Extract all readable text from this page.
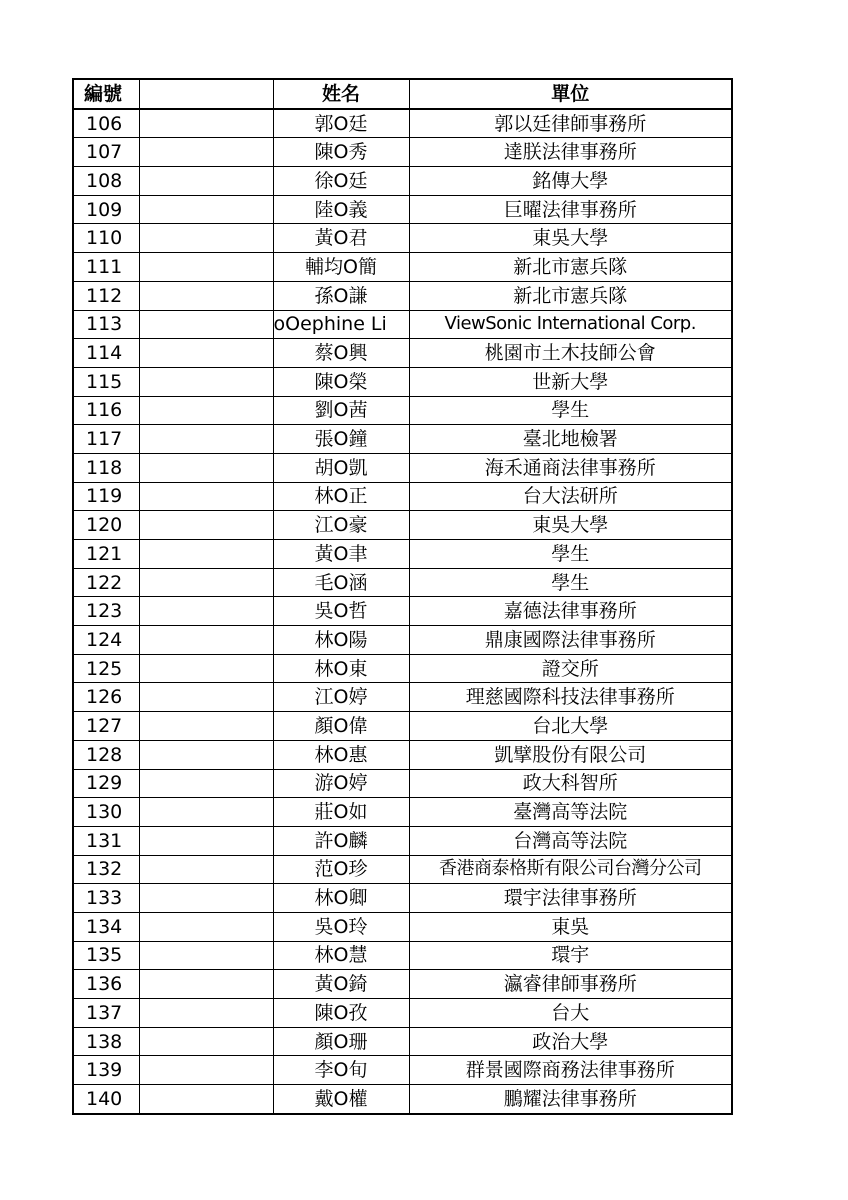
編號		姓名	單位
106		郭O廷	郭以廷律師事務所
107		陳O秀	達朕法律事務所
108		徐O廷	銘傳大學
109		陸O義	巨曜法律事務所
110		黃O君	東吳大學
111		輔均O簡	新北市憲兵隊
112		孫O謙	新北市憲兵隊
113		oOephine Li	ViewSonic International Corp.
114		蔡O興	桃園市土木技師公會
115		陳O榮	世新大學
116		劉O茜	學生
117		張O鐘	臺北地檢署
118		胡O凱	海禾通商法律事務所
119		林O正	台大法研所
120		江O豪	東吳大學
121		黃O聿	學生
122		毛O涵	學生
123		吳O哲	嘉德法律事務所
124		林O陽	鼎康國際法律事務所
125		林O東	證交所
126		江O婷	理慈國際科技法律事務所
127		顏O偉	台北大學
128		林O惠	凱擘股份有限公司
129		游O婷	政大科智所
130		莊O如	臺灣高等法院
131		許O麟	台灣高等法院
132		范O珍	香港商泰格斯有限公司台灣分公司
133		林O卿	環宇法律事務所
134		吳O玲	東吳
135		林O慧	環宇
136		黃O錡	瀛睿律師事務所
137		陳O孜	台大
138		顏O珊	政治大學
139		李O旬	群景國際商務法律事務所
140		戴O權	鵬耀法律事務所
